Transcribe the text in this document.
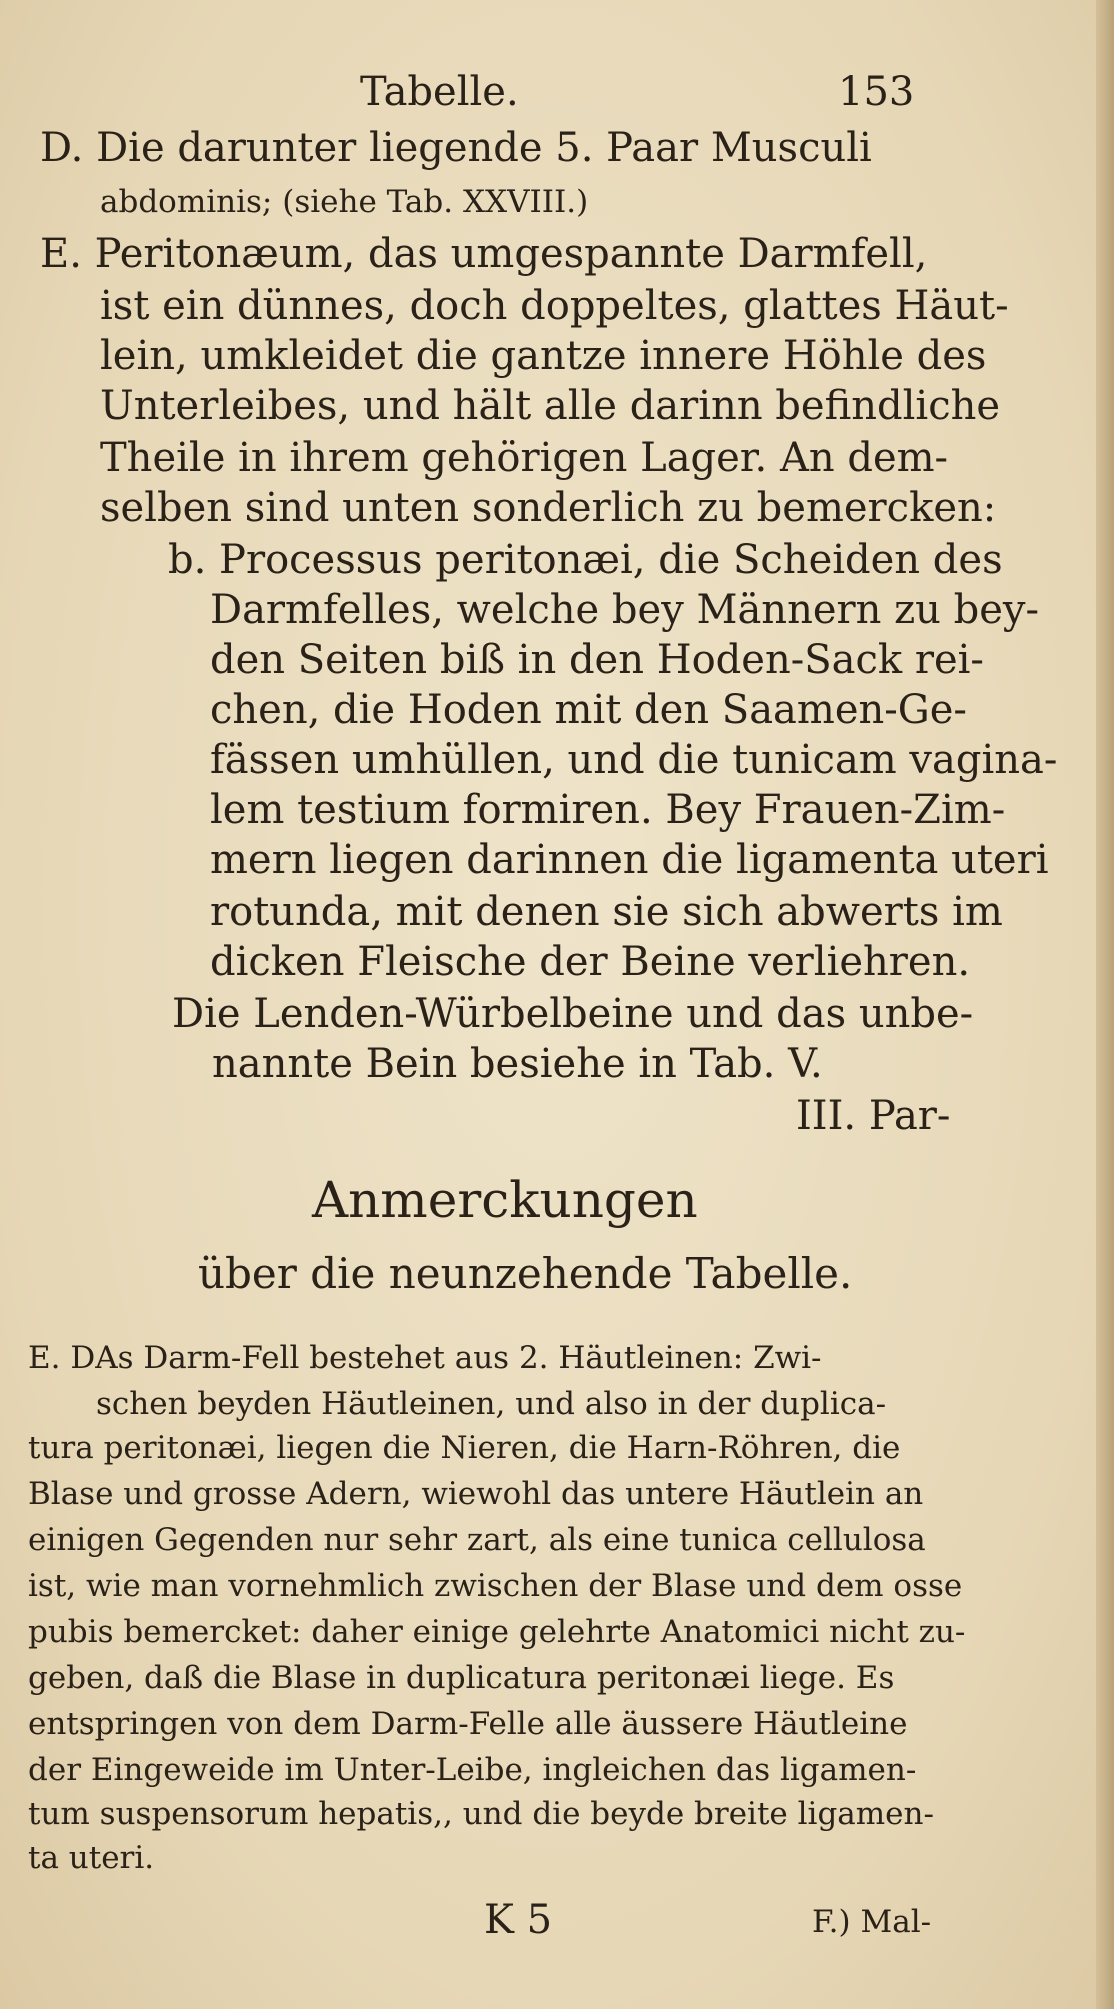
Tabelle.	153
D. Die darunter liegende 5. Paar Musculi
abdominis; (siehe Tab. XXVIII.)
E. Peritonæum, das umgespannte Darmfell,
ist ein dünnes, doch doppeltes, glattes Häut-
lein, umkleidet die gantze innere Höhle des
Unterleibes, und hält alle darinn befindliche
Theile in ihrem gehörigen Lager. An dem-
selben sind unten sonderlich zu bemercken:
b. Processus peritonæi, die Scheiden des
Darmfelles, welche bey Männern zu bey-
den Seiten biß in den Hoden-Sack rei-
chen, die Hoden mit den Saamen-Ge-
fässen umhüllen, und die tunicam vagina-
lem testium formiren. Bey Frauen-Zim-
mern liegen darinnen die ligamenta uteri
rotunda, mit denen sie sich abwerts im
dicken Fleische der Beine verliehren.
Die Lenden-Würbelbeine und das unbe-
nannte Bein besiehe in Tab. V.
III. Par-
Anmerckungen
über die neunzehende Tabelle.
E. DAs Darm-Fell bestehet aus 2. Häutleinen: Zwi-
schen beyden Häutleinen, und also in der duplica-
tura peritonæi, liegen die Nieren, die Harn-Röhren, die
Blase und grosse Adern, wiewohl das untere Häutlein an
einigen Gegenden nur sehr zart, als eine tunica cellulosa
ist, wie man vornehmlich zwischen der Blase und dem osse
pubis bemercket: daher einige gelehrte Anatomici nicht zu-
geben, daß die Blase in duplicatura peritonæi liege. Es
entspringen von dem Darm-Felle alle äussere Häutleine
der Eingeweide im Unter-Leibe, ingleichen das ligamen-
tum suspensorum hepatis,, und die beyde breite ligamen-
ta uteri.
K 5	F.) Mal-
